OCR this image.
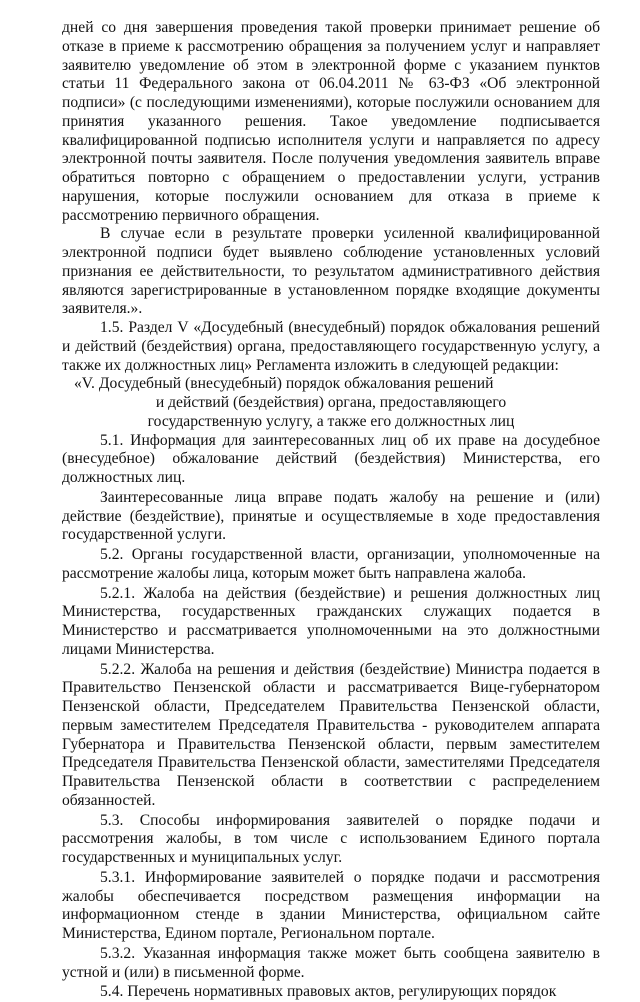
дней со дня завершения проведения такой проверки принимает решение об отказе в приеме к рассмотрению обращения за получением услуг и направляет заявителю уведомление об этом в электронной форме с указанием пунктов статьи 11 Федерального закона от 06.04.2011 № 63-ФЗ «Об электронной подписи» (с последующими изменениями), которые послужили основанием для принятия указанного решения. Такое уведомление подписывается квалифицированной подписью исполнителя услуги и направляется по адресу электронной почты заявителя. После получения уведомления заявитель вправе обратиться повторно с обращением о предоставлении услуги, устранив нарушения, которые послужили основанием для отказа в приеме к рассмотрению первичного обращения.

В случае если в результате проверки усиленной квалифицированной электронной подписи будет выявлено соблюдение установленных условий признания ее действительности, то результатом административного действия являются зарегистрированные в установленном порядке входящие документы заявителя.».

1.5. Раздел V «Досудебный (внесудебный) порядок обжалования решений и действий (бездействия) органа, предоставляющего государственную услугу, а также их должностных лиц» Регламента изложить в следующей редакции:

«V. Досудебный (внесудебный) порядок обжалования решений

и действий (бездействия) органа, предоставляющего

государственную услугу, а также его должностных лиц

5.1. Информация для заинтересованных лиц об их праве на досудебное (внесудебное) обжалование действий (бездействия) Министерства, его должностных лиц.

Заинтересованные лица вправе подать жалобу на решение и (или) действие (бездействие), принятые и осуществляемые в ходе предоставления государственной услуги.

5.2. Органы государственной власти, организации, уполномоченные на рассмотрение жалобы лица, которым может быть направлена жалоба.

5.2.1. Жалоба на действия (бездействие) и решения должностных лиц Министерства, государственных гражданских служащих подается в Министерство и рассматривается уполномоченными на это должностными лицами Министерства.

5.2.2. Жалоба на решения и действия (бездействие) Министра подается в Правительство Пензенской области и рассматривается Вице-губернатором Пензенской области, Председателем Правительства Пензенской области, первым заместителем Председателя Правительства - руководителем аппарата Губернатора и Правительства Пензенской области, первым заместителем Председателя Правительства Пензенской области, заместителями Председателя Правительства Пензенской области в соответствии с распределением обязанностей.

5.3. Способы информирования заявителей о порядке подачи и рассмотрения жалобы, в том числе с использованием Единого портала государственных и муниципальных услуг.

5.3.1. Информирование заявителей о порядке подачи и рассмотрения жалобы обеспечивается посредством размещения информации на информационном стенде в здании Министерства, официальном сайте Министерства, Едином портале, Региональном портале.

5.3.2. Указанная информация также может быть сообщена заявителю в устной и (или) в письменной форме.

5.4. Перечень нормативных правовых актов, регулирующих порядок
